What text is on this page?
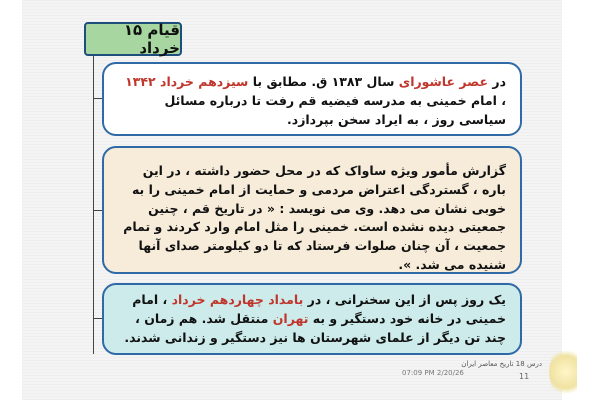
قیام ۱۵ خرداد
در عصر عاشورای سال ۱۳۸۳ ق. مطابق با سیزدهم خرداد ۱۳۴۲ ، امام خمینی به مدرسه فیضیه قم رفت تا درباره مسائل سیاسی روز ، به ایراد سخن بپردازد.
گزارش مأمور ویژه ساواک که در محل حضور داشته ، در این باره ، گستردگی اعتراض مردمی و حمایت از امام خمینی را به خوبی نشان می دهد. وی می نویسد : « در تاریخ قم ، چنین جمعیتی دیده نشده است. خمینی را مثل امام وارد کردند و تمام جمعیت ، آن چنان صلوات فرستاد که تا دو کیلومتر صدای آنها شنیده می شد. ».
یک روز پس از این سخنرانی ، در بامداد چهاردهم خرداد ، امام خمینی در خانه خود دستگیر و به تهران منتقل شد. هم زمان ، چند تن دیگر از علمای شهرستان ها نیز دستگیر و زندانی شدند.
درس 18 تاریخ معاصر ایران
07:09 PM 2/20/26	11
